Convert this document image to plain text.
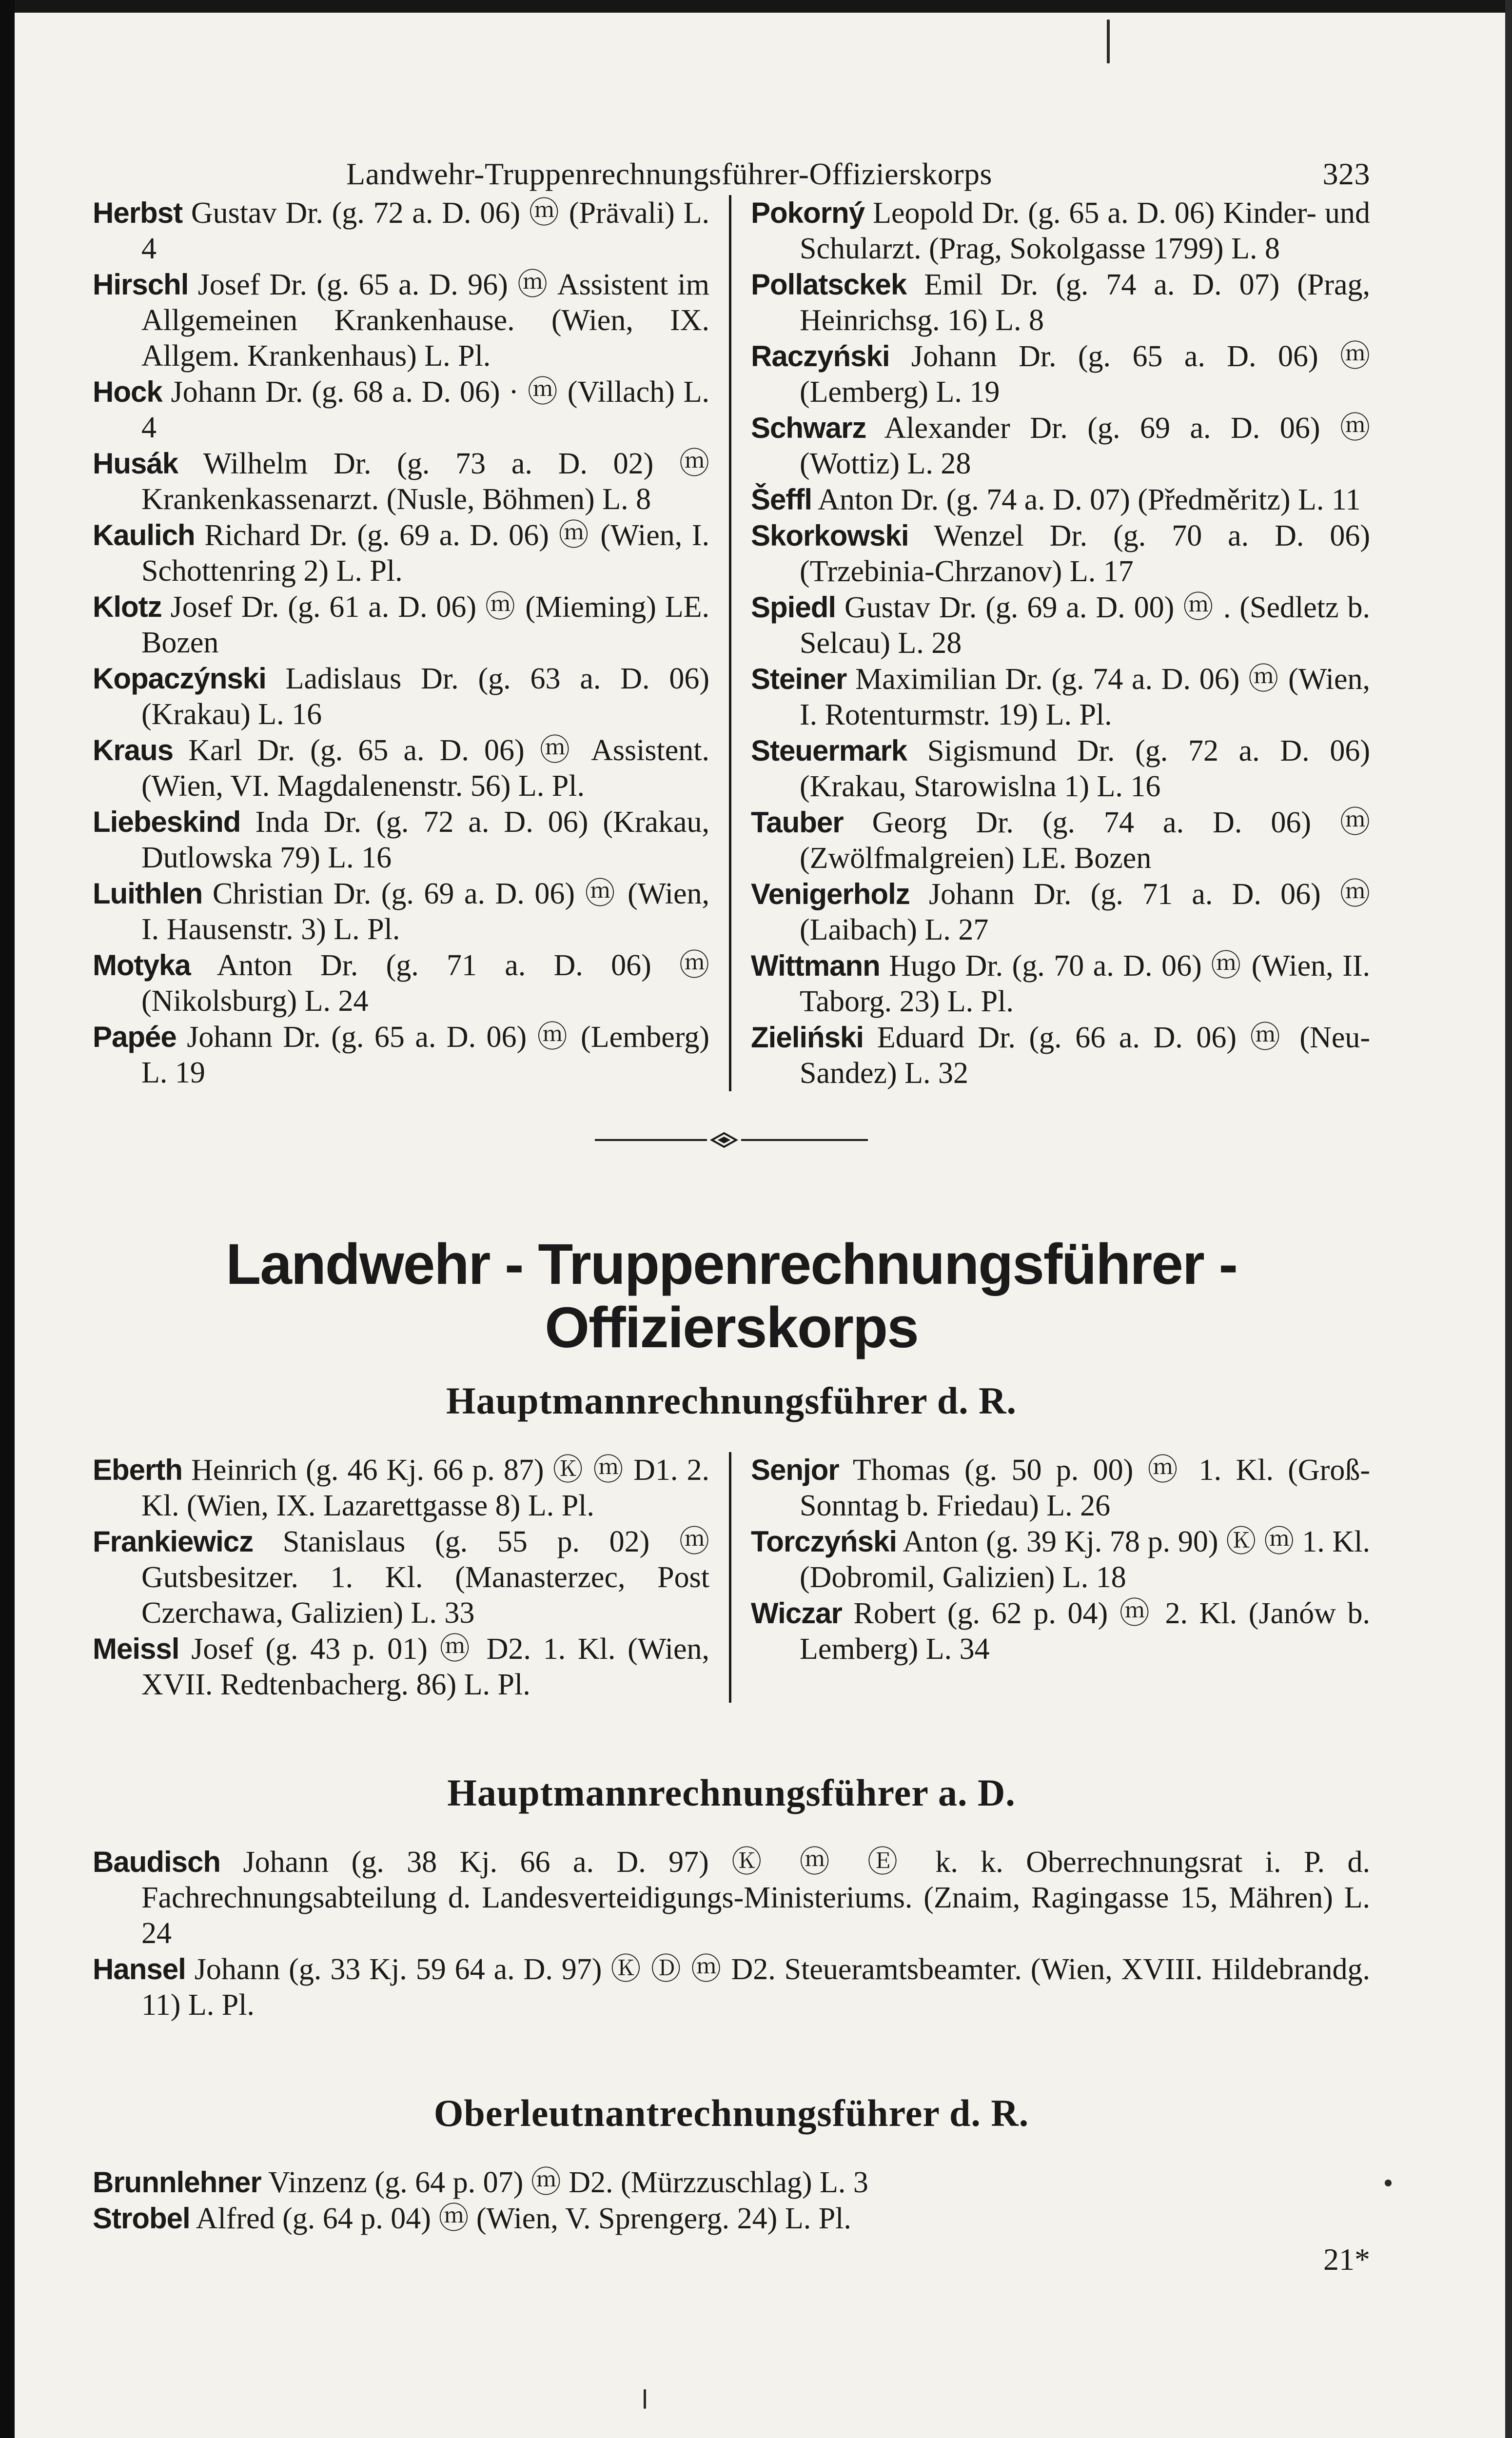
Landwehr-Truppenrechnungsführer-Offizierskorps	323

Herbst Gustav Dr. (g. 72 a. D. 06) ⓜ (Prävali) L. 4

Hirschl Josef Dr. (g. 65 a. D. 96) ⓜ Assistent im Allgemeinen Krankenhause. (Wien, IX. Allgem. Krankenhaus) L. Pl.

Hock Johann Dr. (g. 68 a. D. 06) · ⓜ (Villach) L. 4

Husák Wilhelm Dr. (g. 73 a. D. 02) ⓜ Krankenkassenarzt. (Nusle, Böhmen) L. 8

Kaulich Richard Dr. (g. 69 a. D. 06) ⓜ (Wien, I. Schottenring 2) L. Pl.

Klotz Josef Dr. (g. 61 a. D. 06) ⓜ (Mieming) LE. Bozen

Kopaczýnski Ladislaus Dr. (g. 63 a. D. 06) (Krakau) L. 16

Kraus Karl Dr. (g. 65 a. D. 06) ⓜ Assistent. (Wien, VI. Magdalenenstr. 56) L. Pl.

Liebeskind Inda Dr. (g. 72 a. D. 06) (Krakau, Dutlowska 79) L. 16

Luithlen Christian Dr. (g. 69 a. D. 06) ⓜ (Wien, I. Hausenstr. 3) L. Pl.

Motyka Anton Dr. (g. 71 a. D. 06) ⓜ (Nikolsburg) L. 24

Papée Johann Dr. (g. 65 a. D. 06) ⓜ (Lemberg) L. 19

Pokorný Leopold Dr. (g. 65 a. D. 06) Kinder- und Schularzt. (Prag, Sokolgasse 1799) L. 8

Pollatsckek Emil Dr. (g. 74 a. D. 07) (Prag, Heinrichsg. 16) L. 8

Raczyński Johann Dr. (g. 65 a. D. 06) ⓜ (Lemberg) L. 19

Schwarz Alexander Dr. (g. 69 a. D. 06) ⓜ (Wottiz) L. 28

Šeffl Anton Dr. (g. 74 a. D. 07) (Předměritz) L. 11

Skorkowski Wenzel Dr. (g. 70 a. D. 06) (Trzebinia-Chrzanov) L. 17

Spiedl Gustav Dr. (g. 69 a. D. 00) ⓜ . (Sedletz b. Selcau) L. 28

Steiner Maximilian Dr. (g. 74 a. D. 06) ⓜ (Wien, I. Rotenturmstr. 19) L. Pl.

Steuermark Sigismund Dr. (g. 72 a. D. 06) (Krakau, Starowislna 1) L. 16

Tauber Georg Dr. (g. 74 a. D. 06) ⓜ (Zwölfmalgreien) LE. Bozen

Venigerholz Johann Dr. (g. 71 a. D. 06) ⓜ (Laibach) L. 27

Wittmann Hugo Dr. (g. 70 a. D. 06) ⓜ (Wien, II. Taborg. 23) L. Pl.

Zieliński Eduard Dr. (g. 66 a. D. 06) ⓜ (Neu-Sandez) L. 32

Landwehr - Truppenrechnungsführer - Offizierskorps
Hauptmannrechnungsführer d. R.

Eberth Heinrich (g. 46 Kj. 66 p. 87) Ⓚ ⓜ D1. 2. Kl. (Wien, IX. Lazarettgasse 8) L. Pl.

Frankiewicz Stanislaus (g. 55 p. 02) ⓜ Gutsbesitzer. 1. Kl. (Manasterzec, Post Czerchawa, Galizien) L. 33

Meissl Josef (g. 43 p. 01) ⓜ D2. 1. Kl. (Wien, XVII. Redtenbacherg. 86) L. Pl.

Senjor Thomas (g. 50 p. 00) ⓜ 1. Kl. (Groß-Sonntag b. Friedau) L. 26

Torczyński Anton (g. 39 Kj. 78 p. 90) Ⓚ ⓜ 1. Kl. (Dobromil, Galizien) L. 18

Wiczar Robert (g. 62 p. 04) ⓜ 2. Kl. (Janów b. Lemberg) L. 34

Hauptmannrechnungsführer a. D.

Baudisch Johann (g. 38 Kj. 66 a. D. 97) Ⓚ ⓜ Ⓔ k. k. Oberrechnungsrat i. P. d. Fachrechnungsabteilung d. Landesverteidigungs-Ministeriums. (Znaim, Ragingasse 15, Mähren) L. 24

Hansel Johann (g. 33 Kj. 59 64 a. D. 97) Ⓚ Ⓓ ⓜ D2. Steueramtsbeamter. (Wien, XVIII. Hildebrandg. 11) L. Pl.

Oberleutnantrechnungsführer d. R.

Brunnlehner Vinzenz (g. 64 p. 07) ⓜ D2. (Mürzzuschlag) L. 3

Strobel Alfred (g. 64 p. 04) ⓜ (Wien, V. Sprengerg. 24) L. Pl.

21*
